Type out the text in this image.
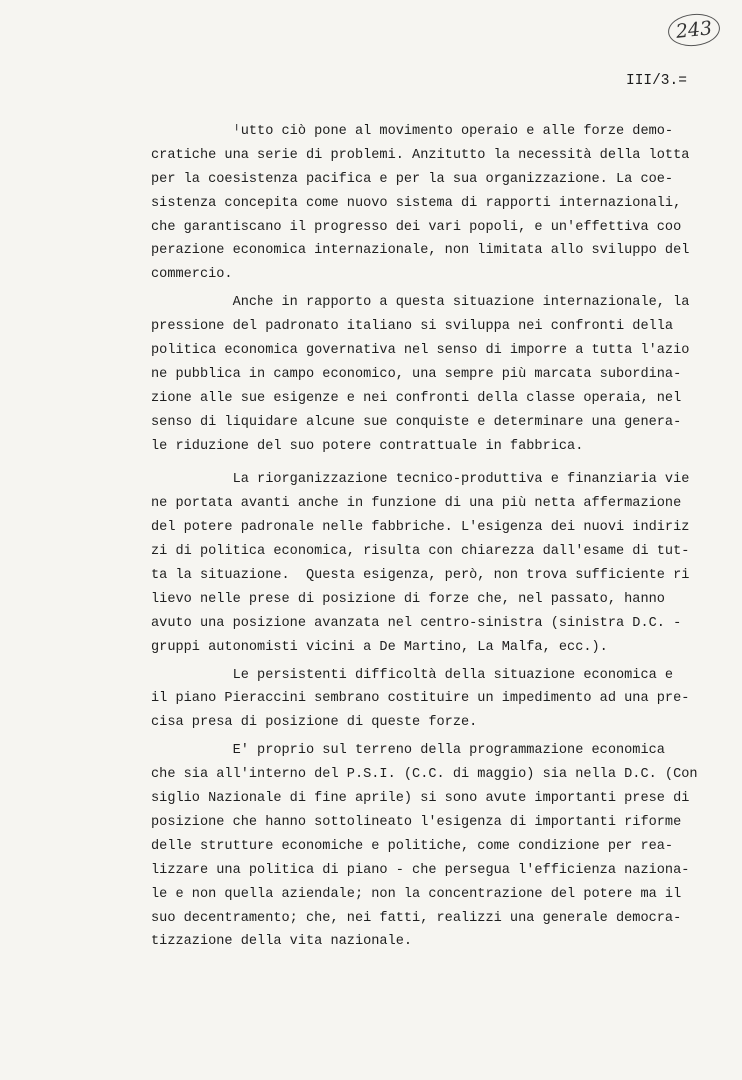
243
III/3.=
ᴵutto ciò pone al movimento operaio e alle forze demo-
cratiche una serie di problemi. Anzitutto la necessità della lotta
per la coesistenza pacifica e per la sua organizzazione. La coe-
sistenza concepita come nuovo sistema di rapporti internazionali,
che garantiscano il progresso dei vari popoli, e un'effettiva coo
perazione economica internazionale, non limitata allo sviluppo del
commercio.
Anche in rapporto a questa situazione internazionale, la
pressione del padronato italiano si sviluppa nei confronti della
politica economica governativa nel senso di imporre a tutta l'azio
ne pubblica in campo economico, una sempre più marcata subordina-
zione alle sue esigenze e nei confronti della classe operaia, nel
senso di liquidare alcune sue conquiste e determinare una genera-
le riduzione del suo potere contrattuale in fabbrica.
La riorganizzazione tecnico-produttiva e finanziaria vie
ne portata avanti anche in funzione di una più netta affermazione
del potere padronale nelle fabbriche. L'esigenza dei nuovi indiriz
zi di politica economica, risulta con chiarezza dall'esame di tut-
ta la situazione.  Questa esigenza, però, non trova sufficiente ri
lievo nelle prese di posizione di forze che, nel passato, hanno
avuto una posizione avanzata nel centro-sinistra (sinistra D.C. -
gruppi autonomisti vicini a De Martino, La Malfa, ecc.).
Le persistenti difficoltà della situazione economica e
il piano Pieraccini sembrano costituire un impedimento ad una pre-
cisa presa di posizione di queste forze.
E' proprio sul terreno della programmazione economica
che sia all'interno del P.S.I. (C.C. di maggio) sia nella D.C. (Con
siglio Nazionale di fine aprile) si sono avute importanti prese di
posizione che hanno sottolineato l'esigenza di importanti riforme
delle strutture economiche e politiche, come condizione per rea-
lizzare una politica di piano - che persegua l'efficienza naziona-
le e non quella aziendale; non la concentrazione del potere ma il
suo decentramento; che, nei fatti, realizzi una generale democra-
tizzazione della vita nazionale.
